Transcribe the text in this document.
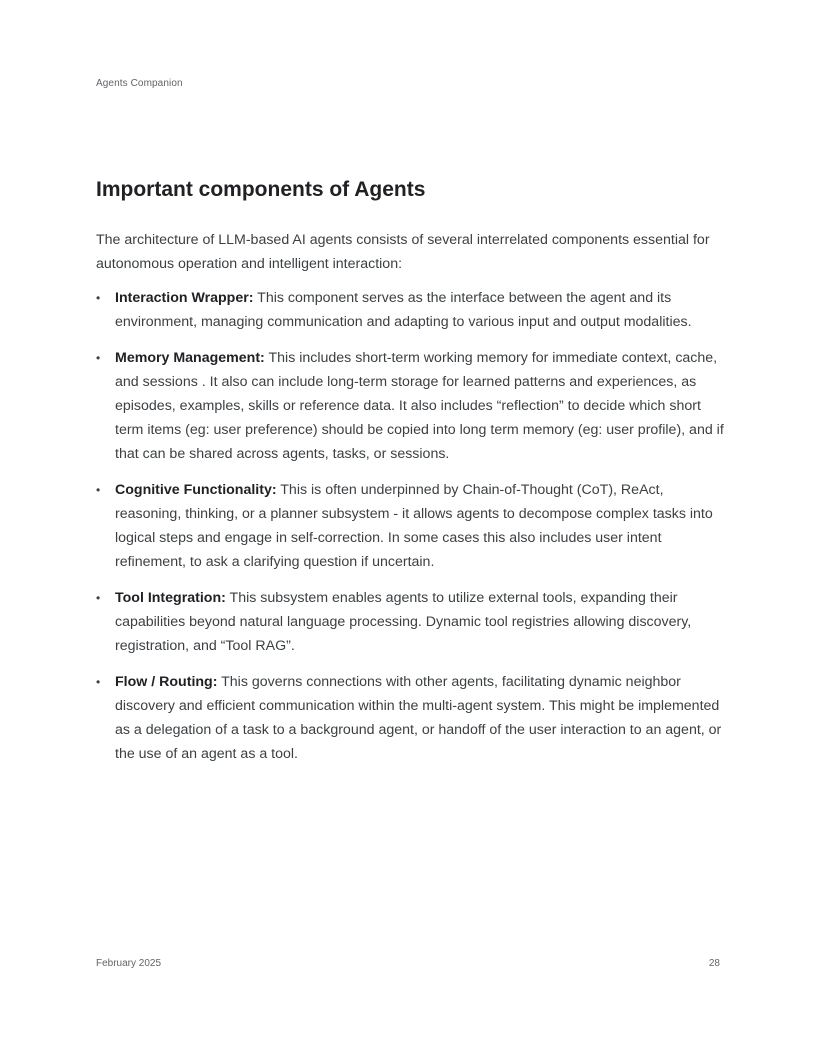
Agents Companion
Important components of Agents

The architecture of LLM-based AI agents consists of several interrelated components essential for autonomous operation and intelligent interaction:

•	Interaction Wrapper: This component serves as the interface between the agent and its environment, managing communication and adapting to various input and output modalities.
•	Memory Management: This includes short-term working memory for immediate context, cache, and sessions . It also can include long-term storage for learned patterns and experiences, as episodes, examples, skills or reference data. It also includes “reflection” to decide which short term items (eg: user preference) should be copied into long term memory (eg: user profile), and if that can be shared across agents, tasks, or sessions.
•	Cognitive Functionality: This is often underpinned by Chain-of-Thought (CoT), ReAct, reasoning, thinking, or a planner subsystem - it allows agents to decompose complex tasks into logical steps and engage in self-correction. In some cases this also includes user intent refinement, to ask a clarifying question if uncertain.
•	Tool Integration: This subsystem enables agents to utilize external tools, expanding their capabilities beyond natural language processing. Dynamic tool registries allowing discovery, registration, and “Tool RAG”.
•	Flow / Routing: This governs connections with other agents, facilitating dynamic neighbor discovery and efficient communication within the multi-agent system. This might be implemented as a delegation of a task to a background agent, or handoff of the user interaction to an agent, or the use of an agent as a tool.
February 2025	28
